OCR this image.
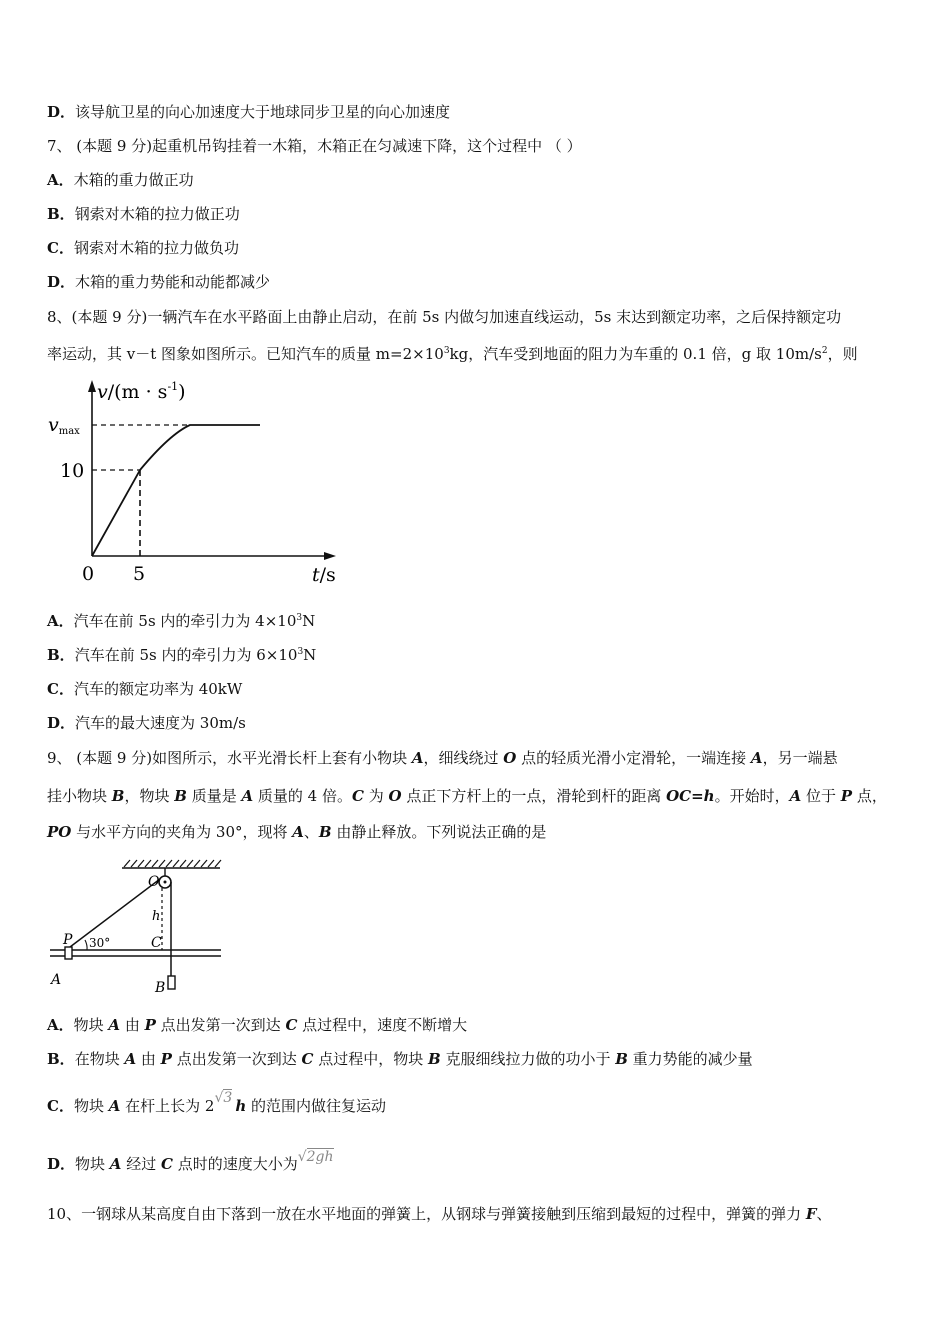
D．该导航卫星的向心加速度大于地球同步卫星的向心加速度
7、 (本题 9 分)起重机吊钩挂着一木箱，木箱正在匀减速下降，这个过程中 （ ）
A．木箱的重力做正功
B．钢索对木箱的拉力做正功
C．钢索对木箱的拉力做负功
D．木箱的重力势能和动能都减少
8、(本题 9 分)一辆汽车在水平路面上由静止启动，在前 5s 内做匀加速直线运动，5s 末达到额定功率，之后保持额定功
率运动，其 v－t 图象如图所示。已知汽车的质量 $m=2\times 10^3kg$，汽车受到地面的阻力为车重的 0.1 倍，g 取 $10m/s^2$，则
$v/(m \cdot s^{-1})$
vmax
10
0 5	t/s
A．汽车在前 5s 内的牵引力为 $4\times 10^3N$
B．汽车在前 5s 内的牵引力为 $6\times 10^3N$
C．汽车的额定功率为 40kW
D．汽车的最大速度为 30m/s
9、 (本题 9 分)如图所示，水平光滑长杆上套有小物块 A，细线绕过 O 点的轻质光滑小定滑轮，一端连接 A，另一端悬
挂小物块 B，物块 B 质量是 A 质量的 4 倍。C 为 O 点正下方杆上的一点，滑轮到杆的距离 OC=h。开始时，A 位于 P 点，
PO 与水平方向的夹角为 30°，现将 A、B 由静止释放。下列说法正确的是
O
h
P 30°	C
A	B
A．物块 A 由 P 点出发第一次到达 C 点过程中，速度不断增大
B．在物块 A 由 P 点出发第一次到达 C 点过程中，物块 B 克服细线拉力做的功小于 B 重力势能的减少量
C．物块 A 在杆上长为 2√3 h 的范围内做往复运动
D．物块 A 经过 C 点时的速度大小为√2gh
10、一钢球从某高度自由下落到一放在水平地面的弹簧上，从钢球与弹簧接触到压缩到最短的过程中，弹簧的弹力 F、
